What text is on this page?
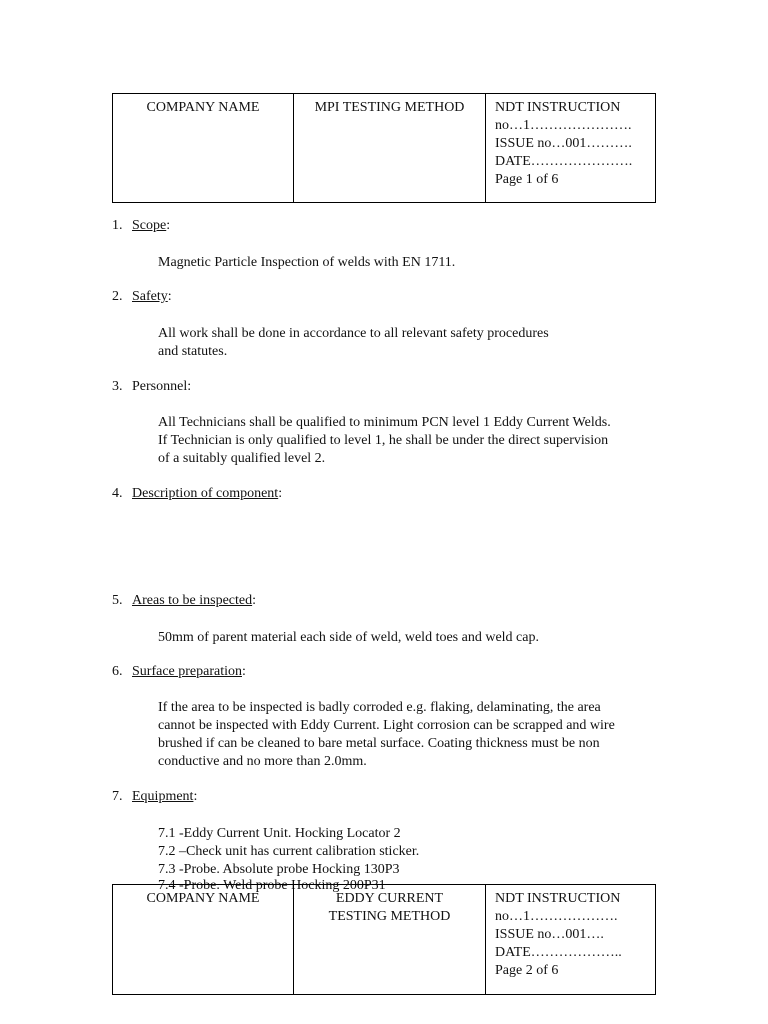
COMPANY NAME	MPI TESTING METHOD	NDT INSTRUCTION
no…1………………….
ISSUE no…001……….
DATE………………….
Page 1 of 6
1. Scope:
Magnetic Particle Inspection of welds with EN 1711.
2. Safety:
All work shall be done in accordance to all relevant safety procedures
and statutes.
3. Personnel:
All Technicians shall be qualified to minimum PCN level 1 Eddy Current Welds.
If Technician is only qualified to level 1, he shall be under the direct supervision
of a suitably qualified level 2.
4. Description of component:
5. Areas to be inspected:
50mm of parent material each side of weld, weld toes and weld cap.
6. Surface preparation:
If the area to be inspected is badly corroded e.g. flaking, delaminating, the area
cannot be inspected with Eddy Current. Light corrosion can be scrapped and wire
brushed if can be cleaned to bare metal surface. Coating thickness must be non
conductive and no more than 2.0mm.
7. Equipment:
7.1 -Eddy Current Unit. Hocking Locator 2
7.2 –Check unit has current calibration sticker.
7.3 -Probe. Absolute probe Hocking 130P3
7.4 -Probe. Weld probe Hocking 200P31
COMPANY NAME	EDDY CURRENT
TESTING METHOD

NDT INSTRUCTION
no…1……………….
ISSUE no…001….
DATE………………..
Page 2 of 6
